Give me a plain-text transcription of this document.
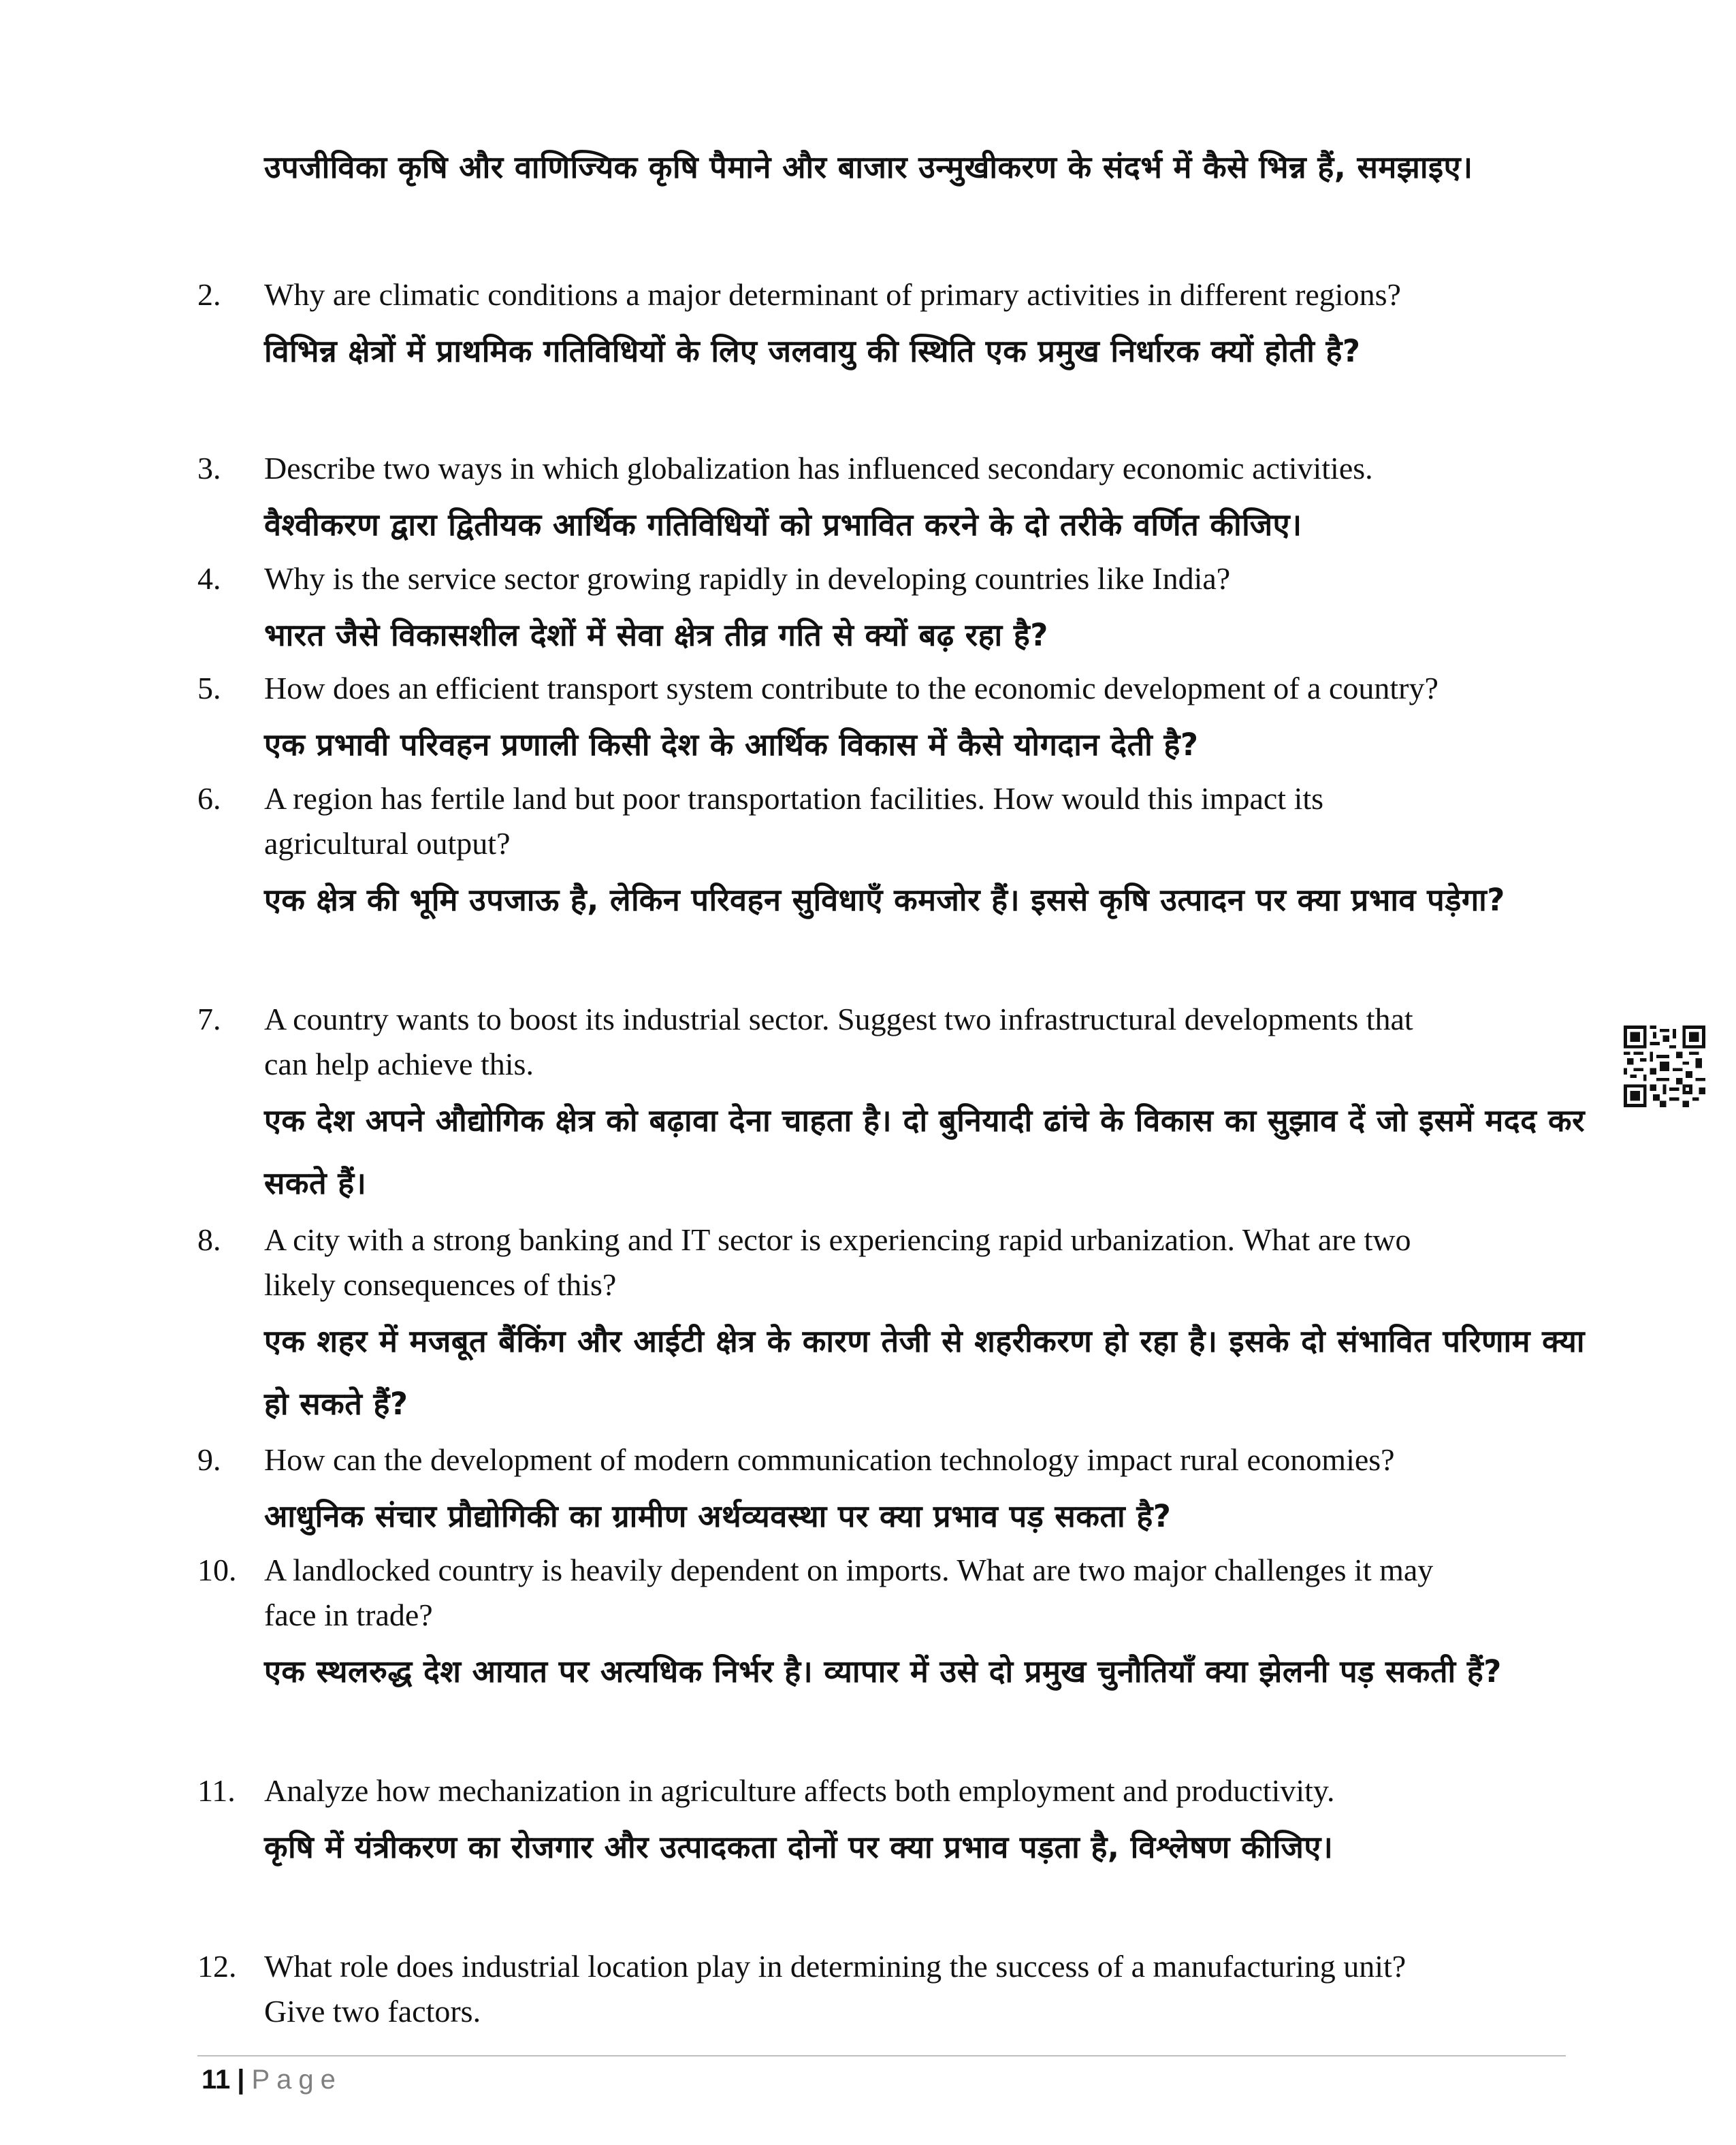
उपजीविका कृषि और वाणिज्यिक कृषि पैमाने और बाजार उन्मुखीकरण के संदर्भ में कैसे भिन्न हैं, समझाइए।
2. Why are climatic conditions a major determinant of primary activities in different regions?
विभिन्न क्षेत्रों में प्राथमिक गतिविधियों के लिए जलवायु की स्थिति एक प्रमुख निर्धारक क्यों होती है?
3. Describe two ways in which globalization has influenced secondary economic activities.
वैश्वीकरण द्वारा द्वितीयक आर्थिक गतिविधियों को प्रभावित करने के दो तरीके वर्णित कीजिए।
4. Why is the service sector growing rapidly in developing countries like India?
भारत जैसे विकासशील देशों में सेवा क्षेत्र तीव्र गति से क्यों बढ़ रहा है?
5. How does an efficient transport system contribute to the economic development of a country?
एक प्रभावी परिवहन प्रणाली किसी देश के आर्थिक विकास में कैसे योगदान देती है?
6. A region has fertile land but poor transportation facilities. How would this impact its
agricultural output?
एक क्षेत्र की भूमि उपजाऊ है, लेकिन परिवहन सुविधाएँ कमजोर हैं। इससे कृषि उत्पादन पर क्या प्रभाव पड़ेगा?
7. A country wants to boost its industrial sector. Suggest two infrastructural developments that
can help achieve this.
एक देश अपने औद्योगिक क्षेत्र को बढ़ावा देना चाहता है। दो बुनियादी ढांचे के विकास का सुझाव दें जो इसमें मदद कर सकते हैं।
8. A city with a strong banking and IT sector is experiencing rapid urbanization. What are two
likely consequences of this?
एक शहर में मजबूत बैंकिंग और आईटी क्षेत्र के कारण तेजी से शहरीकरण हो रहा है। इसके दो संभावित परिणाम क्या हो सकते हैं?
9. How can the development of modern communication technology impact rural economies?
आधुनिक संचार प्रौद्योगिकी का ग्रामीण अर्थव्यवस्था पर क्या प्रभाव पड़ सकता है?
10. A landlocked country is heavily dependent on imports. What are two major challenges it may
face in trade?
एक स्थलरुद्ध देश आयात पर अत्यधिक निर्भर है। व्यापार में उसे दो प्रमुख चुनौतियाँ क्या झेलनी पड़ सकती हैं?
11. Analyze how mechanization in agriculture affects both employment and productivity.
कृषि में यंत्रीकरण का रोजगार और उत्पादकता दोनों पर क्या प्रभाव पड़ता है, विश्लेषण कीजिए।
12. What role does industrial location play in determining the success of a manufacturing unit?
Give two factors.
11 | Page
